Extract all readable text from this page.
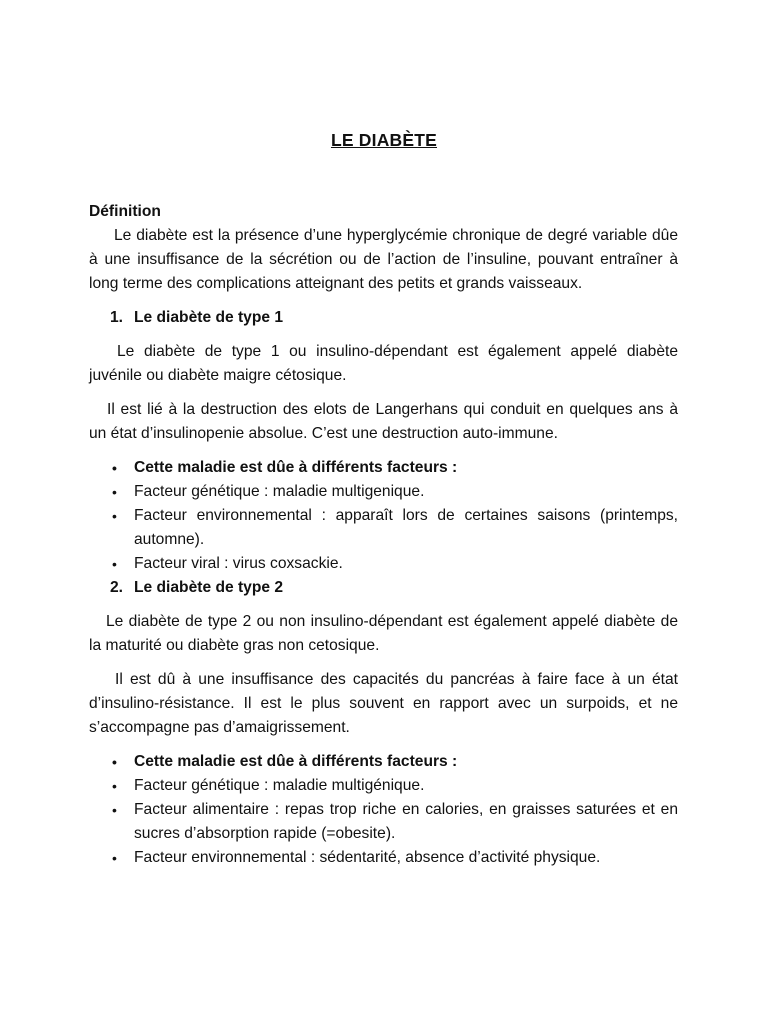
LE DIABÈTE

Définition

Le diabète est la présence d’une hyperglycémie chronique de degré variable dûe à une insuffisance de la sécrétion ou de l’action de l’insuline, pouvant entraîner à long terme des complications atteignant des petits et grands vaisseaux.

1. Le diabète de type 1

Le diabète de type 1 ou insulino-dépendant est également appelé diabète juvénile ou diabète maigre cétosique.

Il est lié à la destruction des elots de Langerhans qui conduit en quelques ans à un état d’insulinopenie absolue. C’est une destruction auto-immune.

• Cette maladie est dûe à différents facteurs :
• Facteur génétique : maladie multigenique.
• Facteur environnemental : apparaît lors de certaines saisons (printemps, automne).
• Facteur viral : virus coxsackie.
2. Le diabète de type 2

Le diabète de type 2 ou non insulino-dépendant est également appelé diabète de la maturité ou diabète gras non cetosique.

Il est dû à une insuffisance des capacités du pancréas à faire face à un état d’insulino-résistance. Il est le plus souvent en rapport avec un surpoids, et ne s’accompagne pas d’amaigrissement.

• Cette maladie est dûe à différents facteurs :
• Facteur génétique : maladie multigénique.
• Facteur alimentaire : repas trop riche en calories, en graisses saturées et en sucres d’absorption rapide (=obesite).
• Facteur environnemental : sédentarité, absence d’activité physique.
